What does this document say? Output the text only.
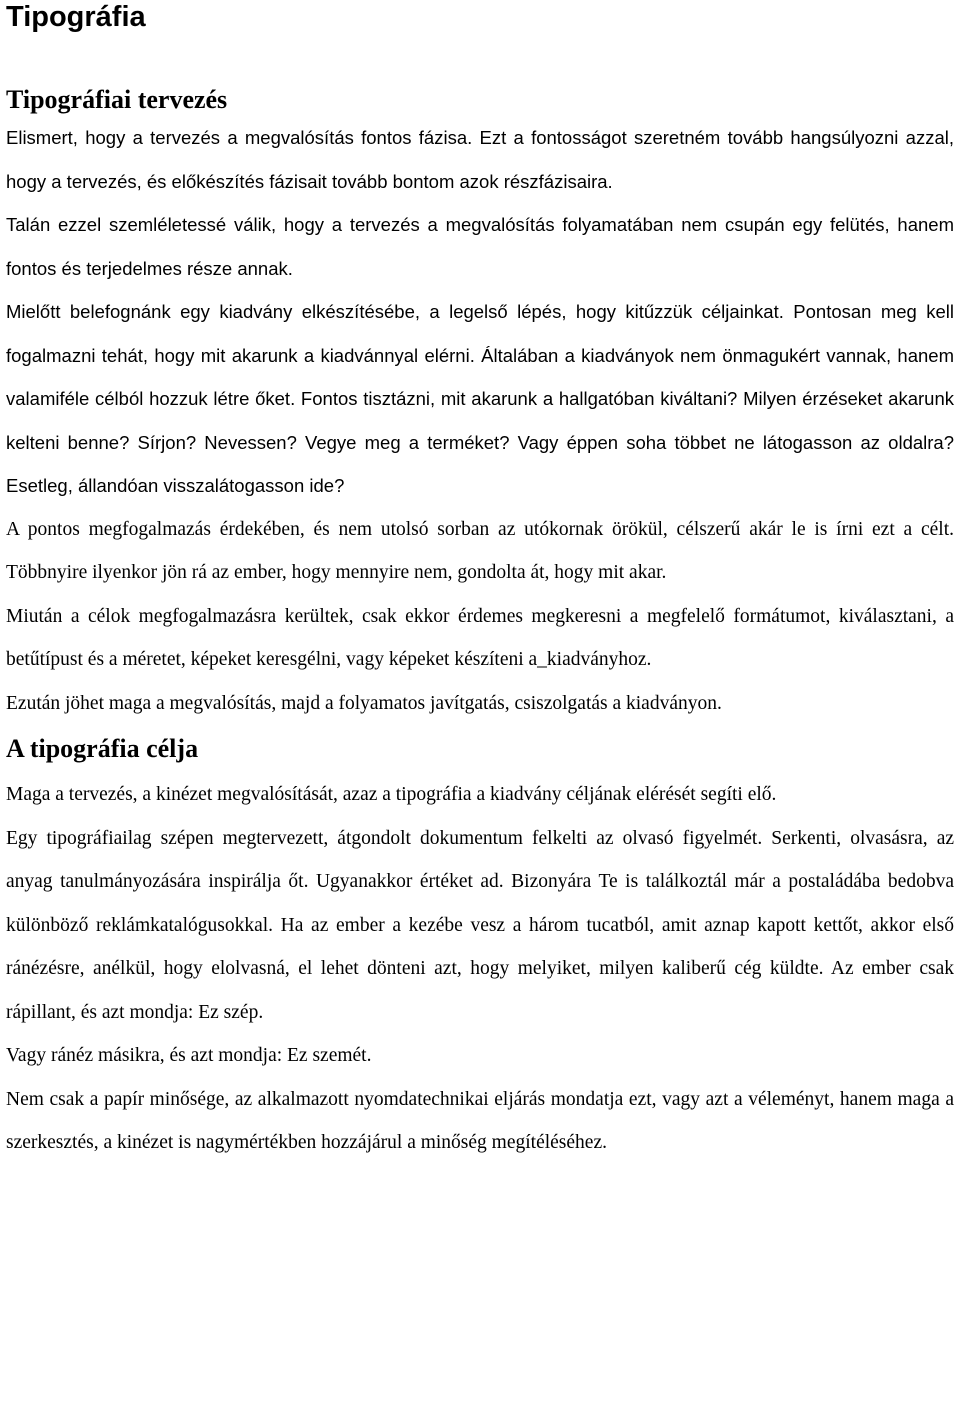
Tipográfia
Tipográfiai tervezés

Elismert, hogy a tervezés a megvalósítás fontos fázisa. Ezt a fontosságot szeretném tovább hangsúlyozni azzal, hogy a tervezés, és előkészítés fázisait tovább bontom azok részfázisaira.

Talán ezzel szemléletessé válik, hogy a tervezés a megvalósítás folyamatában nem csupán egy felütés, hanem fontos és terjedelmes része annak.

Mielőtt belefognánk egy kiadvány elkészítésébe, a legelső lépés, hogy kitűzzük céljainkat. Pontosan meg kell fogalmazni tehát, hogy mit akarunk a kiadvánnyal elérni. Általában a kiadványok nem önmagukért vannak, hanem valamiféle célból hozzuk létre őket. Fontos tisztázni, mit akarunk a hallgatóban kiváltani? Milyen érzéseket akarunk kelteni benne? Sírjon? Nevessen? Vegye meg a terméket? Vagy éppen soha többet ne látogasson az oldalra? Esetleg, állandóan visszalátogasson ide?

A pontos megfogalmazás érdekében, és nem utolsó sorban az utókornak örökül, célszerű akár le is írni ezt a célt. Többnyire ilyenkor jön rá az ember, hogy mennyire nem, gondolta át, hogy mit akar.

Miután a célok megfogalmazásra kerültek, csak ekkor érdemes megkeresni a megfelelő formátumot, kiválasztani, a betűtípust és a méretet, képeket keresgélni, vagy képeket készíteni a_kiadványhoz.

Ezután jöhet maga a megvalósítás, majd a folyamatos javítgatás, csiszolgatás a kiadványon.

A tipográfia célja

Maga a tervezés, a kinézet megvalósítását, azaz a tipográfia a kiadvány céljának elérését segíti elő.

Egy tipográfiailag szépen megtervezett, átgondolt dokumentum felkelti az olvasó figyelmét. Serkenti, olvasásra, az anyag tanulmányozására inspirálja őt. Ugyanakkor értéket ad. Bizonyára Te is találkoztál már a postaládába bedobva különböző reklámkatalógusokkal. Ha az ember a kezébe vesz a három tucatból, amit aznap kapott kettőt, akkor első ránézésre, anélkül, hogy elolvasná, el lehet dönteni azt, hogy melyiket, milyen kaliberű cég küldte. Az ember csak rápillant, és azt mondja: Ez szép.

Vagy ránéz másikra, és azt mondja: Ez szemét.

Nem csak a papír minősége, az alkalmazott nyomdatechnikai eljárás mondatja ezt, vagy azt a véleményt, hanem maga a szerkesztés, a kinézet is nagymértékben hozzájárul a minőség megítéléséhez.
